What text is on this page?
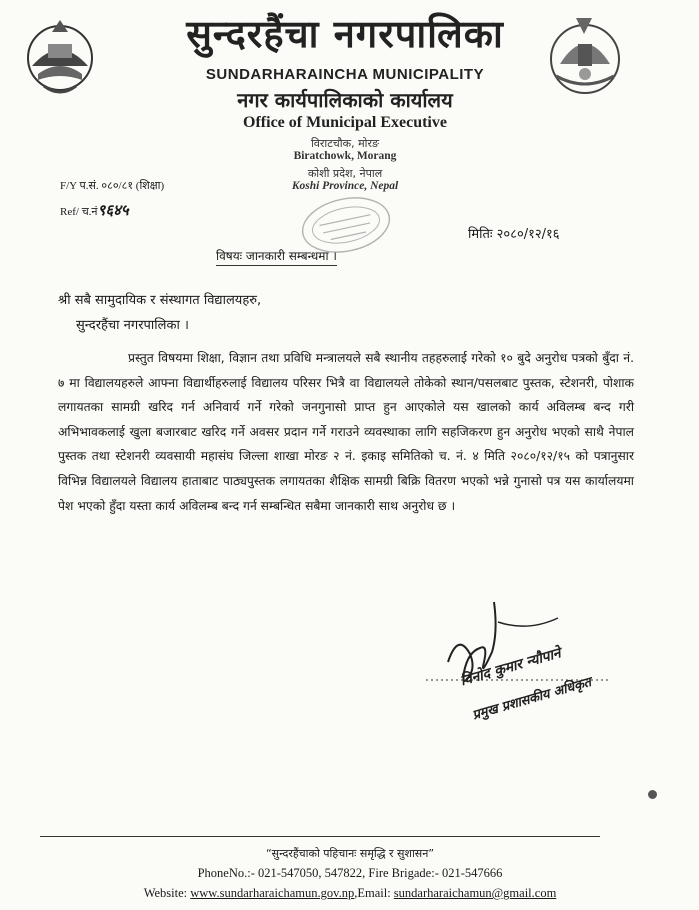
सुन्दरहैंचा नगरपालिका
SUNDARHARAINCHA MUNICIPALITY
नगर कार्यपालिकाको कार्यालय
Office of Municipal Executive
विराटचौक, मोरङ
Biratchowk, Morang
कोशी प्रदेश, नेपाल
Koshi Province, Nepal
F/Y प.सं. ०८०/८१ (शिक्षा)
Ref/ च.नं९६४५
मितिः २०८०/१२/१६
विषयः जानकारी सम्बन्धमा ।
श्री सबै सामुदायिक र संस्थागत विद्यालयहरु,
सुन्दरहैंचा नगरपालिका ।
प्रस्तुत विषयमा शिक्षा, विज्ञान तथा प्रविधि मन्त्रालयले सबै स्थानीय तहहरुलाई गरेको १० बुदे अनुरोध पत्रको बुँदा नं. ७ मा विद्यालयहरुले आफ्ना विद्यार्थीहरुलाई विद्यालय परिसर भित्रै वा विद्यालयले तोकेको स्थान/पसलबाट पुस्तक, स्टेशनरी, पोशाक लगायतका सामग्री खरिद गर्न अनिवार्य गर्ने गरेको जनगुनासो प्राप्त हुन आएकोले यस खालको कार्य अविलम्ब बन्द गरी अभिभावकलाई खुला बजारबाट खरिद गर्ने अवसर प्रदान गर्ने गराउने व्यवस्थाका लागि सहजिकरण हुन अनुरोध भएको साथै नेपाल पुस्तक तथा स्टेशनरी व्यवसायी महासंघ जिल्ला शाखा मोरङ २ नं. इकाइ समितिको च. नं. ४ मिति २०८०/१२/१५ को पत्रानुसार विभिन्न विद्यालयले विद्यालय हाताबाट पाठ्यपुस्तक लगायतका शैक्षिक सामग्री बिक्रि वितरण भएको भन्ने गुनासो पत्र यस कार्यालयमा पेश भएको हुँदा यस्ता कार्य अविलम्ब बन्द गर्न सम्बन्धित सबैमा जानकारी साथ अनुरोध छ ।
विनोद कुमार न्यौपाने
प्रमुख प्रशासकीय अधिकृत
“सुन्दरहैंचाको पहिचानः समृद्धि र सुशासन”
PhoneNo.:- 021-547050, 547822, Fire Brigade:- 021-547666
Website: www.sundarharaichamun.gov.np,Email: sundarharaichamun@gmail.com
